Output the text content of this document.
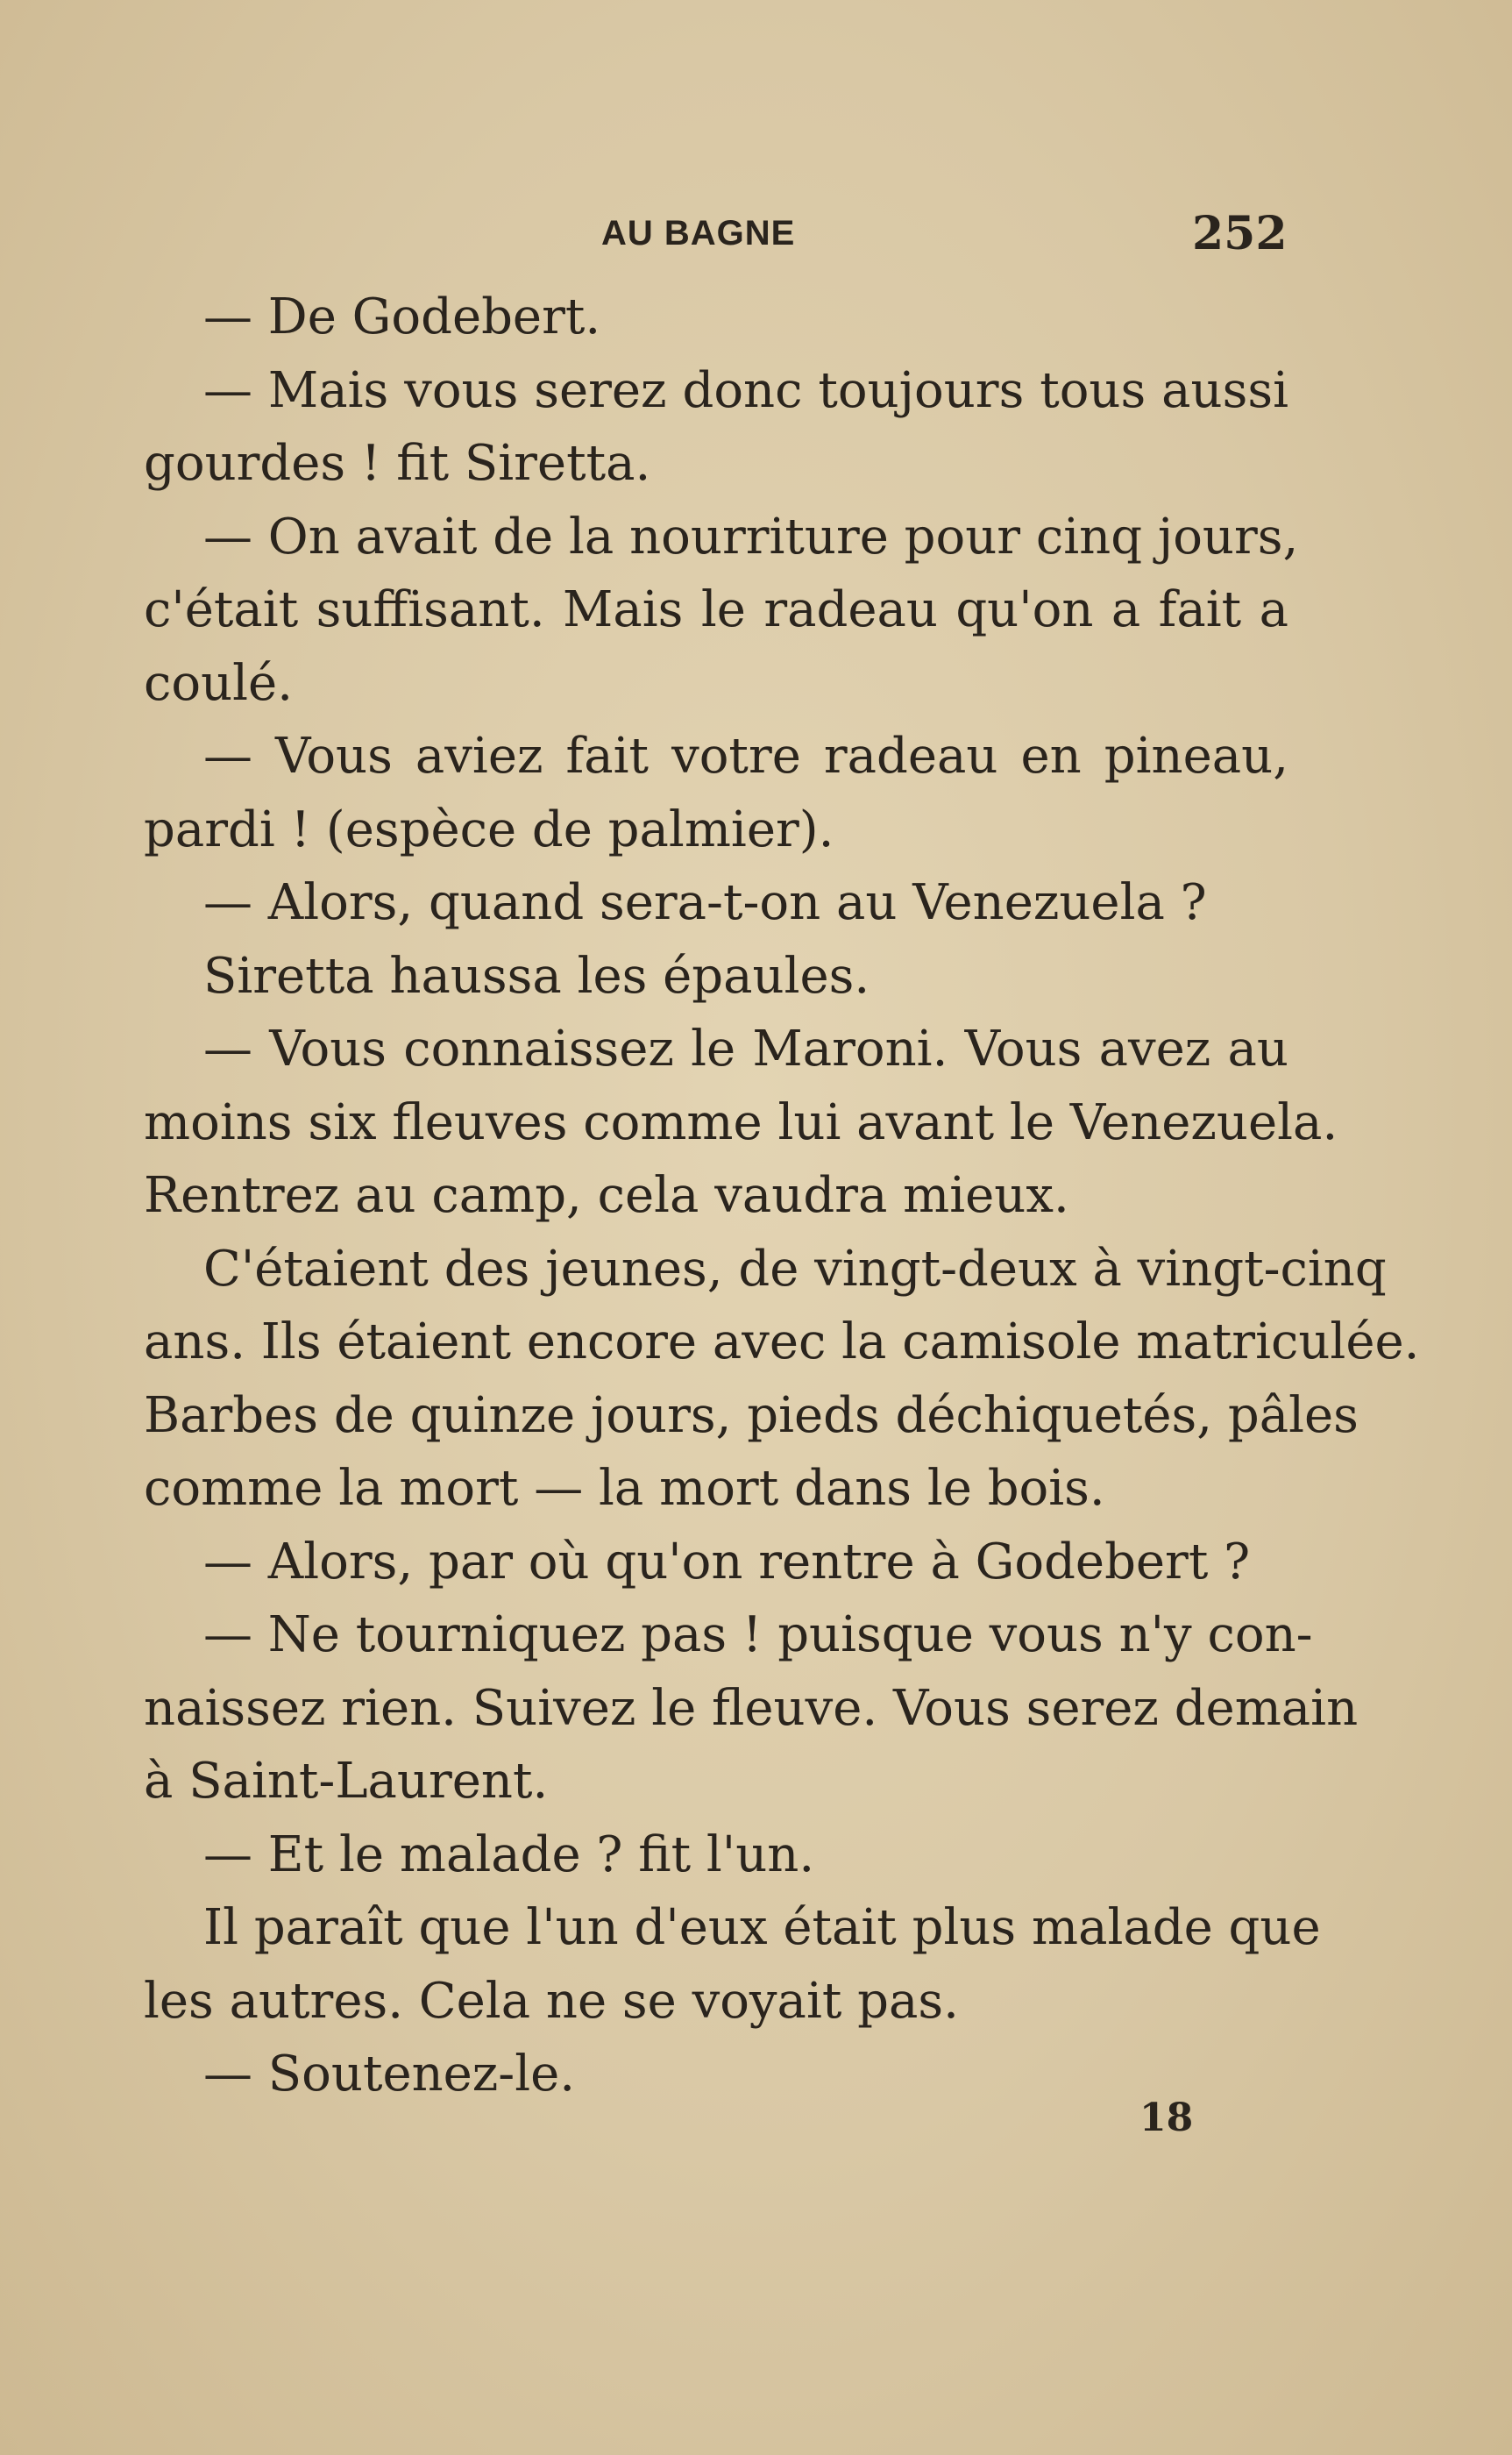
AU BAGNE	252
— De Godebert.
— Mais vous serez donc toujours tous aussi
gourdes ! fit Siretta.
— On avait de la nourriture pour cinq jours,
c'était suffisant. Mais le radeau qu'on a fait a
coulé.
— Vous aviez fait votre radeau en pineau,
pardi ! (espèce de palmier).
— Alors, quand sera-t-on au Venezuela ?
Siretta haussa les épaules.
— Vous connaissez le Maroni. Vous avez au
moins six fleuves comme lui avant le Venezuela.
Rentrez au camp, cela vaudra mieux.
C'étaient des jeunes, de vingt-deux à vingt-cinq
ans. Ils étaient encore avec la camisole matriculée.
Barbes de quinze jours, pieds déchiquetés, pâles
comme la mort — la mort dans le bois.
— Alors, par où qu'on rentre à Godebert ?
— Ne tourniquez pas ! puisque vous n'y con-
naissez rien. Suivez le fleuve. Vous serez demain
à Saint-Laurent.
— Et le malade ? fit l'un.
Il paraît que l'un d'eux était plus malade que
les autres. Cela ne se voyait pas.
— Soutenez-le.
18
